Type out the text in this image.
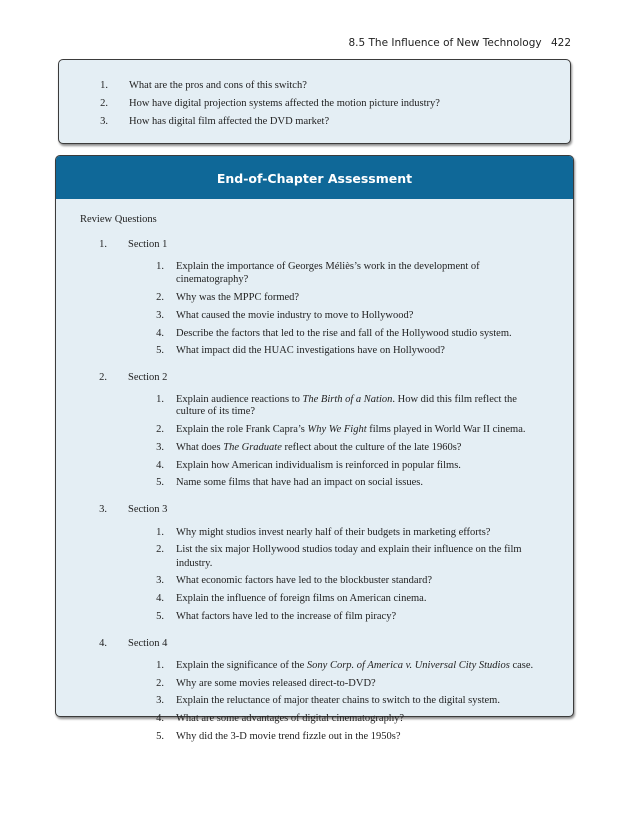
8.5 The Influence of New Technology 422
1. What are the pros and cons of this switch?
2. How have digital projection systems affected the motion picture industry?
3. How has digital film affected the DVD market?
End-of-Chapter Assessment
Review Questions
1. Section 1
1. Explain the importance of Georges Méliès’s work in the development of cinematography?
2. Why was the MPPC formed?
3. What caused the movie industry to move to Hollywood?
4. Describe the factors that led to the rise and fall of the Hollywood studio system.
5. What impact did the HUAC investigations have on Hollywood?
2. Section 2
1. Explain audience reactions to The Birth of a Nation. How did this film reflect the culture of its time?
2. Explain the role Frank Capra’s Why We Fight films played in World War II cinema.
3. What does The Graduate reflect about the culture of the late 1960s?
4. Explain how American individualism is reinforced in popular films.
5. Name some films that have had an impact on social issues.
3. Section 3
1. Why might studios invest nearly half of their budgets in marketing efforts?
2. List the six major Hollywood studios today and explain their influence on the film industry.
3. What economic factors have led to the blockbuster standard?
4. Explain the influence of foreign films on American cinema.
5. What factors have led to the increase of film piracy?
4. Section 4
1. Explain the significance of the Sony Corp. of America v. Universal City Studios case.
2. Why are some movies released direct-to-DVD?
3. Explain the reluctance of major theater chains to switch to the digital system.
4. What are some advantages of digital cinematography?
5. Why did the 3-D movie trend fizzle out in the 1950s?
